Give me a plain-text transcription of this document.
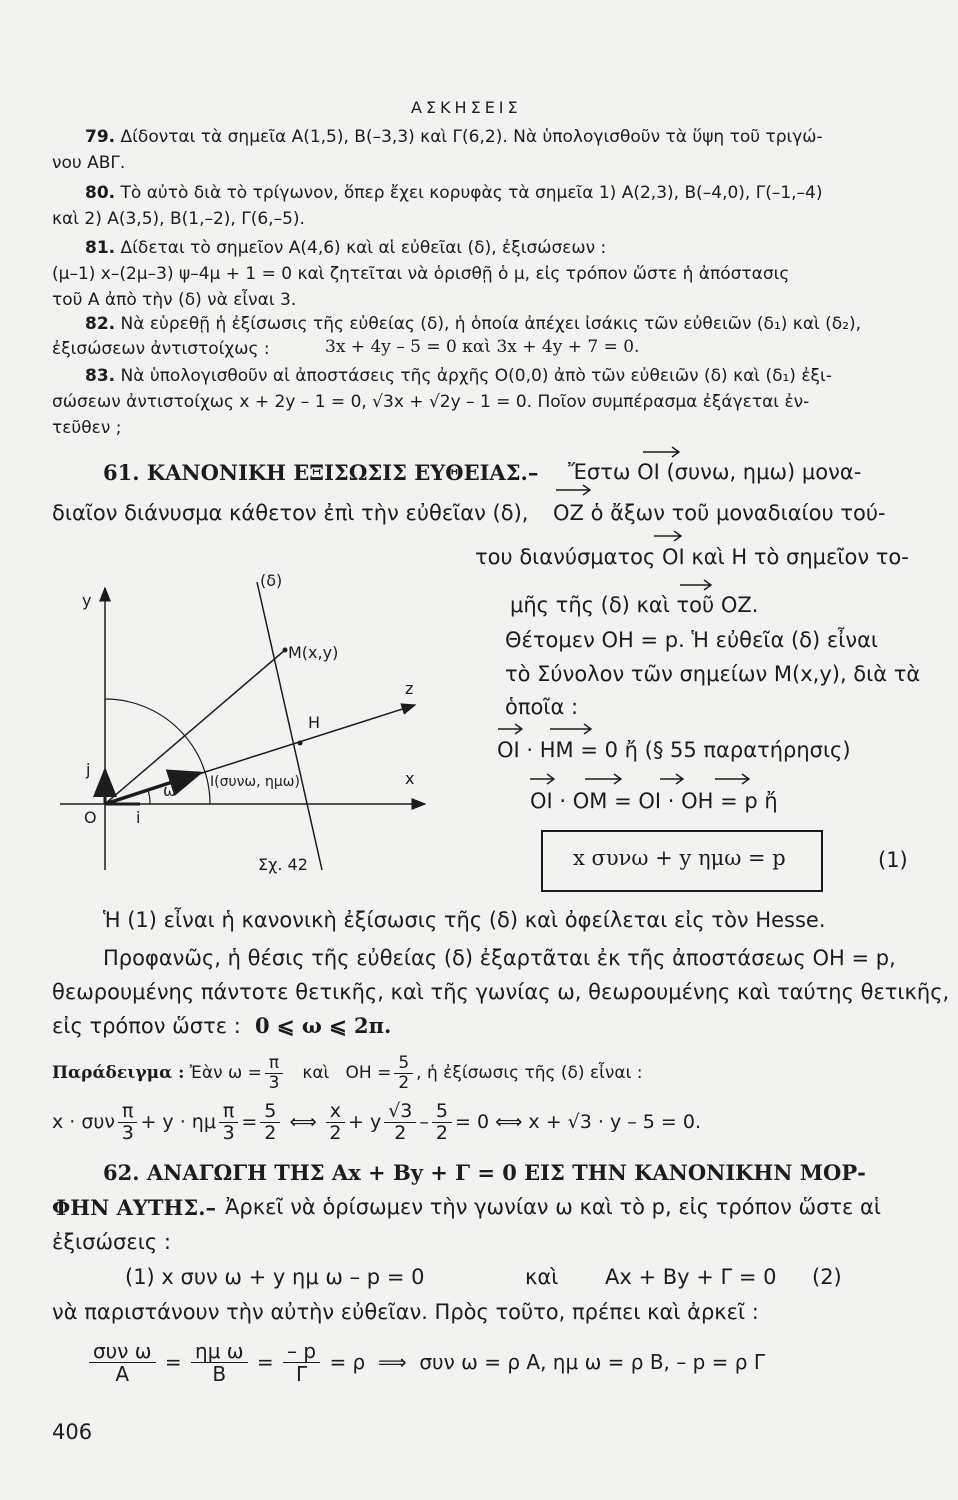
ΑΣΚΗΣΕΙΣ
79. Δίδονται τὰ σημεῖα Α(1,5), Β(–3,3) καὶ Γ(6,2). Νὰ ὑπολογισθοῦν τὰ ὕψη τοῦ τριγώ-
νου ΑΒΓ.
80. Τὸ αὐτὸ διὰ τὸ τρίγωνον, ὅπερ ἔχει κορυφὰς τὰ σημεῖα 1) Α(2,3), Β(–4,0), Γ(–1,–4)
καὶ 2) Α(3,5), Β(1,–2), Γ(6,–5).
81. Δίδεται τὸ σημεῖον Α(4,6) καὶ αἱ εὐθεῖαι (δ), ἐξισώσεων :
(μ–1) x–(2μ–3) ψ–4μ + 1 = 0 καὶ ζητεῖται νὰ ὁρισθῇ ὁ μ, εἰς τρόπον ὥστε ἡ ἀπόστασις
τοῦ Α ἀπὸ τὴν (δ) νὰ εἶναι 3.
82. Νὰ εὑρεθῇ ἡ ἐξίσωσις τῆς εὐθείας (δ), ἡ ὁποία ἀπέχει ἰσάκις τῶν εὐθειῶν (δ₁) καὶ (δ₂),
ἐξισώσεων ἀντιστοίχως :	3x + 4y – 5 = 0 καὶ 3x + 4y + 7 = 0.
83. Νὰ ὑπολογισθοῦν αἱ ἀποστάσεις τῆς ἀρχῆς Ο(0,0) ἀπὸ τῶν εὐθειῶν (δ) καὶ (δ₁) ἐξι-
σώσεων ἀντιστοίχως x + 2y – 1 = 0, √3x + √2y – 1 = 0. Ποῖον συμπέρασμα ἐξάγεται ἐν-
τεῦθεν ;
61. ΚΑΝΟΝΙΚΗ ΕΞΙΣΩΣΙΣ ΕΥΘΕΙΑΣ.– Ἔστω ΟΙ (συνω, ημω) μονα-
διαῖον διάνυσμα κάθετον ἐπὶ τὴν εὐθεῖαν (δ), ΟΖ ὁ ἄξων τοῦ μοναδιαίου τού-
του διανύσματος ΟΙ καὶ Η τὸ σημεῖον το-
μῆς τῆς (δ) καὶ τοῦ ΟΖ.
Θέτομεν ΟΗ = p. Ἡ εὐθεῖα (δ) εἶναι
τὸ Σύνολον τῶν σημείων Μ(x,y), διὰ τὰ
ὁποῖα :
ΟΙ · ΗΜ = 0 ἤ (§ 55 παρατήρησις)
ΟΙ · ΟΜ = ΟΙ · ΟΗ = p ἤ
x συνω + y ημω = p	(1)
y
x
z
O
j
i
(δ)
M(x,y)
H
ω I(συνω, ημω)
Σχ. 42
Ἡ (1) εἶναι ἡ κανονικὴ ἐξίσωσις τῆς (δ) καὶ ὀφείλεται εἰς τὸν Hesse.
Προφανῶς, ἡ θέσις τῆς εὐθείας (δ) ἐξαρτᾶται ἐκ τῆς ἀποστάσεως ΟΗ = p,
θεωρουμένης πάντοτε θετικῆς, καὶ τῆς γωνίας ω, θεωρουμένης καὶ ταύτης θετικῆς,
εἰς τρόπον ὥστε : 0 ⩽ ω ⩽ 2π.
Παράδειγμα :
Ἐὰν $\omega = \frac{\pi}{3}$
καὶ
$OH = \frac{5}{2}$ , ἡ ἐξίσωσις τῆς (δ) εἶναι :
x · συν $\frac{\pi}{3} + y \cdot \eta\mu \frac{\pi}{3} = \frac{5}{2}$
⟺
$\frac{x}{2} + y \frac{√3}{2} - \frac{5}{2} = 0$
⟺
x + √3 · y – 5 = 0.
62. ΑΝΑΓΩΓΗ ΤΗΣ Ax + By + Γ = 0 ΕΙΣ ΤΗΝ ΚΑΝΟΝΙΚΗΝ ΜΟΡ-
ΦΗΝ ΑΥΤΗΣ.– Ἀρκεῖ νὰ ὁρίσωμεν τὴν γωνίαν ω καὶ τὸ p, εἰς τρόπον ὥστε αἱ
ἐξισώσεις :
(1) x συν ω + y ημ ω – p = 0	καὶ Ax + By + Γ = 0 (2)
νὰ παριστάνουν τὴν αὐτὴν εὐθεῖαν. Πρὸς τοῦτο, πρέπει καὶ ἀρκεῖ :
$\frac{\text{συν ω}}{A}$
=
$\frac{\text{ημ ω}}{B}$
=
$\frac{- p}{\Gamma}$
= ρ
⟹
συν ω = ρ Α, ημ ω = ρ Β, – p = ρ Γ
406
